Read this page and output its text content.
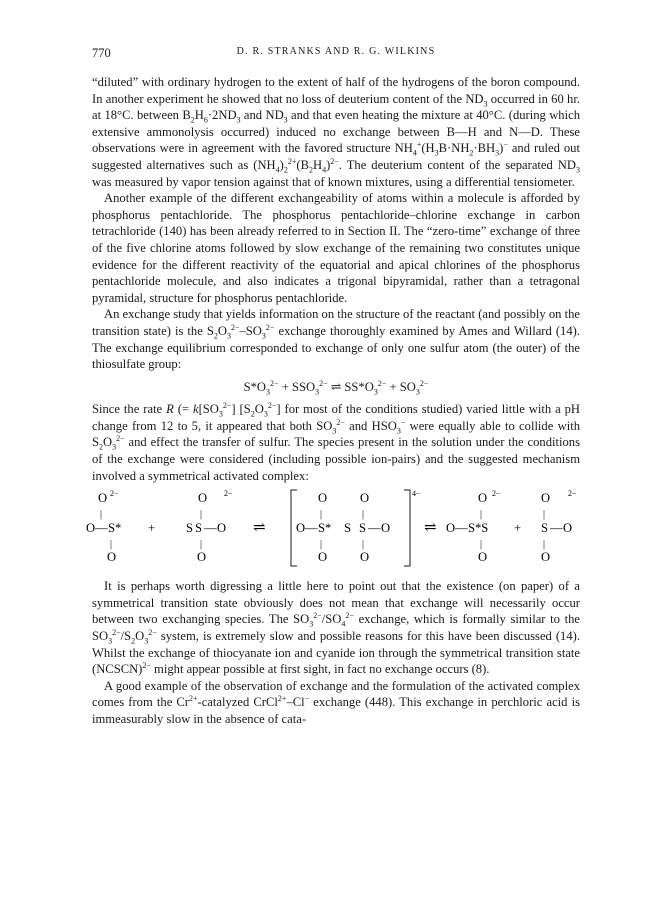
770	D. R. STRANKS AND R. G. WILKINS

“diluted” with ordinary hydrogen to the extent of half of the hydrogens of the boron compound. In another experiment he showed that no loss of deuterium content of the $ND_3$ occurred in 60 hr. at 18°C. between $B_2H_6\cdot 2ND_3$ and $ND_3$ and that even heating the mixture at 40°C. (during which extensive ammonolysis occurred) induced no exchange between B—H and N—D. These observations were in agreement with the favored structure $NH_4^+(H_3B\cdot NH_2\cdot BH_3)^-$ and ruled out suggested alternatives such as $(NH_4)_2^{2+}(B_2H_4)^{2-}$. The deuterium content of the separated $ND_3$ was measured by vapor tension against that of known mixtures, using a differential tensiometer.

Another example of the different exchangeability of atoms within a molecule is afforded by phosphorus pentachloride. The phosphorus pentachloride–chlorine exchange in carbon tetrachloride (140) has been already referred to in Section II. The “zero-time” exchange of three of the five chlorine atoms followed by slow exchange of the remaining two constitutes unique evidence for the different reactivity of the equatorial and apical chlorines of the phosphorus pentachloride molecule, and also indicates a trigonal bipyramidal, rather than a tetragonal pyramidal, structure for phosphorus pentachloride.

An exchange study that yields information on the structure of the reactant (and possibly on the transition state) is the $S_2O_3^{2-}-SO_3^{2-}$ exchange thoroughly examined by Ames and Willard (14). The exchange equilibrium corresponded to exchange of only one sulfur atom (the outer) of the thiosulfate group:

$S*O_3^{2-} + SSO_3^{2-}$ ⇌ $SS*O_3^{2-} + SO_3^{2-}$

Since the rate R (= $k[SO_3^{2-}]$ $[S_2O_3^{2-}]$ for most of the conditions studied) varied little with a pH change from 12 to 5, it appeared that both $SO_3^{2-}$ and $HSO_3^-$ were equally able to collide with $S_2O_3^{2-}$ and effect the transfer of sulfur. The species present in the solution under the conditions of the exchange were considered (including possible ion-pairs) and the suggested mechanism involved a symmetrical activated complex:

O 2−
|
O — S*
|
O
+
O 2−
|
S S — O
|
O
⇌
4−
O	O
|	|
O — S* S S — O
|	|
O	O
⇌
O 2−
|
O — S*S
|
O
+
O 2−
|
S — O
|
O

It is perhaps worth digressing a little here to point out that the existence (on paper) of a symmetrical transition state obviously does not mean that exchange will necessarily occur between two exchanging species. The $SO_3^{2-}/SO_4^{2-}$ exchange, which is formally similar to the $SO_3^{2-}/S_2O_3^{2-}$ system, is extremely slow and possible reasons for this have been discussed (14). Whilst the exchange of thiocyanate ion and cyanide ion through the symmetrical transition state (NCSCN)$^{2-}$ might appear possible at first sight, in fact no exchange occurs (8).

A good example of the observation of exchange and the formulation of the activated complex comes from the $Cr^{2+}$-catalyzed CrCl$^{2+}$–Cl− exchange (448). This exchange in perchloric acid is immeasurably slow in the absence of cata-
